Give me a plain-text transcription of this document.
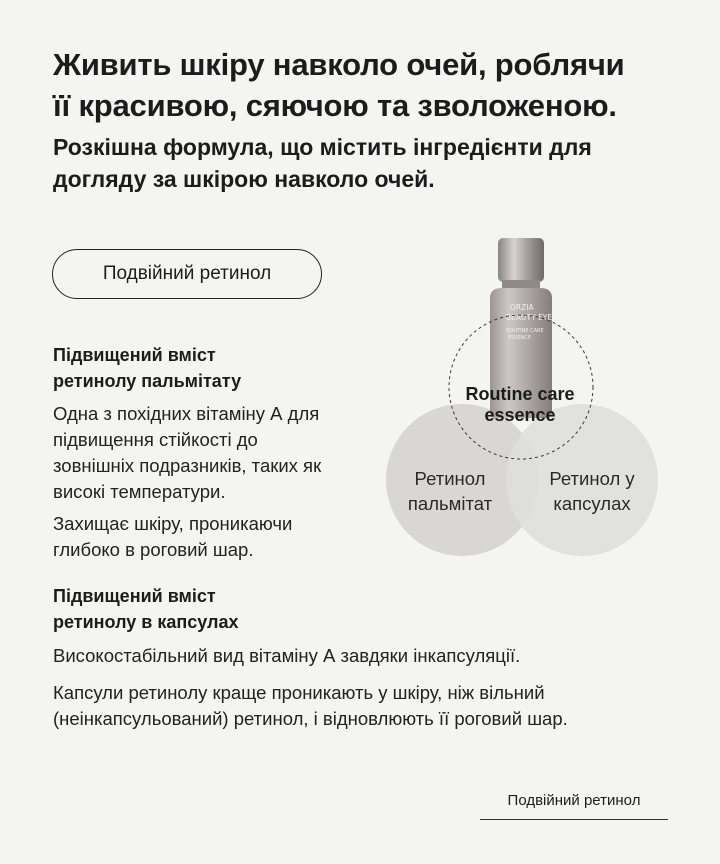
Живить шкіру навколо очей, роблячи
її красивою, сяючою та зволоженою.
Розкішна формула, що містить інгредієнти для
догляду за шкірою навколо очей.
Подвійний ретинол
Підвищений вміст
ретинолу пальмітату

Одна з похідних вітаміну А для
підвищення стійкості до
зовнішніх подразників, таких як
високі температури.

Захищає шкіру, проникаючи
глибоко в роговий шар.

Підвищений вміст
ретинолу в капсулах

Високостабільний вид вітаміну А завдяки інкапсуляції.

Капсули ретинолу краще проникають у шкіру, ніж вільний
(неінкапсульований) ретинол, і відновлюють її роговий шар.

ORZIA
BEAUTY EYE
ROUTINE CARE
ESSENCE
Routine care
essence
Ретинол
пальмітат
Ретинол у
капсулах
Подвійний ретинол
